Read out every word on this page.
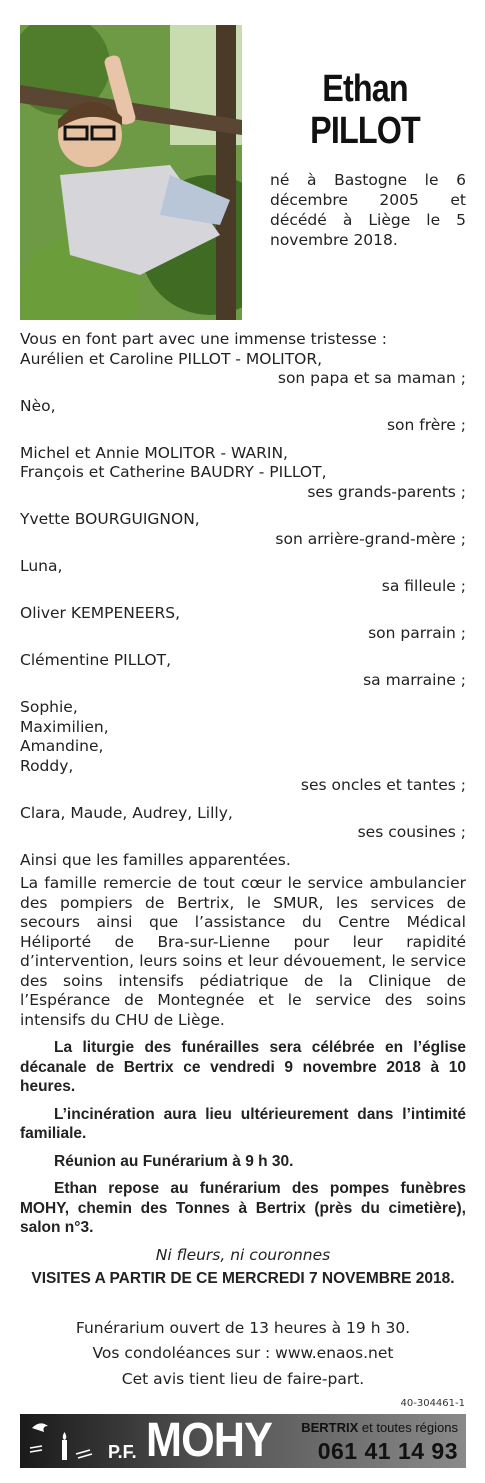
Ethan
PILLOT
né à Bastogne le 6 décembre 2005 et décédé à Liège le 5 novembre 2018.
Vous en font part avec une immense tristesse :
Aurélien et Caroline PILLOT - MOLITOR,
son papa et sa maman ;
Nèo,
son frère ;
Michel et Annie MOLITOR - WARIN,
François et Catherine BAUDRY - PILLOT,
ses grands-parents ;
Yvette BOURGUIGNON,
son arrière-grand-mère ;
Luna,
sa filleule ;
Oliver KEMPENEERS,
son parrain ;
Clémentine PILLOT,
sa marraine ;
Sophie,
Maximilien,
Amandine,
Roddy,
ses oncles et tantes ;
Clara, Maude, Audrey, Lilly,
ses cousines ;
Ainsi que les familles apparentées.
La famille remercie de tout cœur le service ambulancier des pompiers de Bertrix, le SMUR, les services de secours ainsi que l’assistance du Centre Médical Héliporté de Bra-sur-Lienne pour leur rapidité d’intervention, leurs soins et leur dévouement, le service des soins intensifs pédiatrique de la Clinique de l’Espérance de Montegnée et le service des soins intensifs du CHU de Liège.
La liturgie des funérailles sera célébrée en l’église décanale de Bertrix ce vendredi 9 novembre 2018 à 10 heures.
L’incinération aura lieu ultérieurement dans l’intimité familiale.
Réunion au Funérarium à 9 h 30.
Ethan repose au funérarium des pompes funèbres MOHY, chemin des Tonnes à Bertrix (près du cimetière), salon n°3.
Ni fleurs, ni couronnes
VISITES A PARTIR DE CE MERCREDI 7 NOVEMBRE 2018.
Funérarium ouvert de 13 heures à 19 h 30.
Vos condoléances sur : www.enaos.net
Cet avis tient lieu de faire-part.
40-304461-1
P.F. MOHY BERTRIX et toutes régions
061 41 14 93
